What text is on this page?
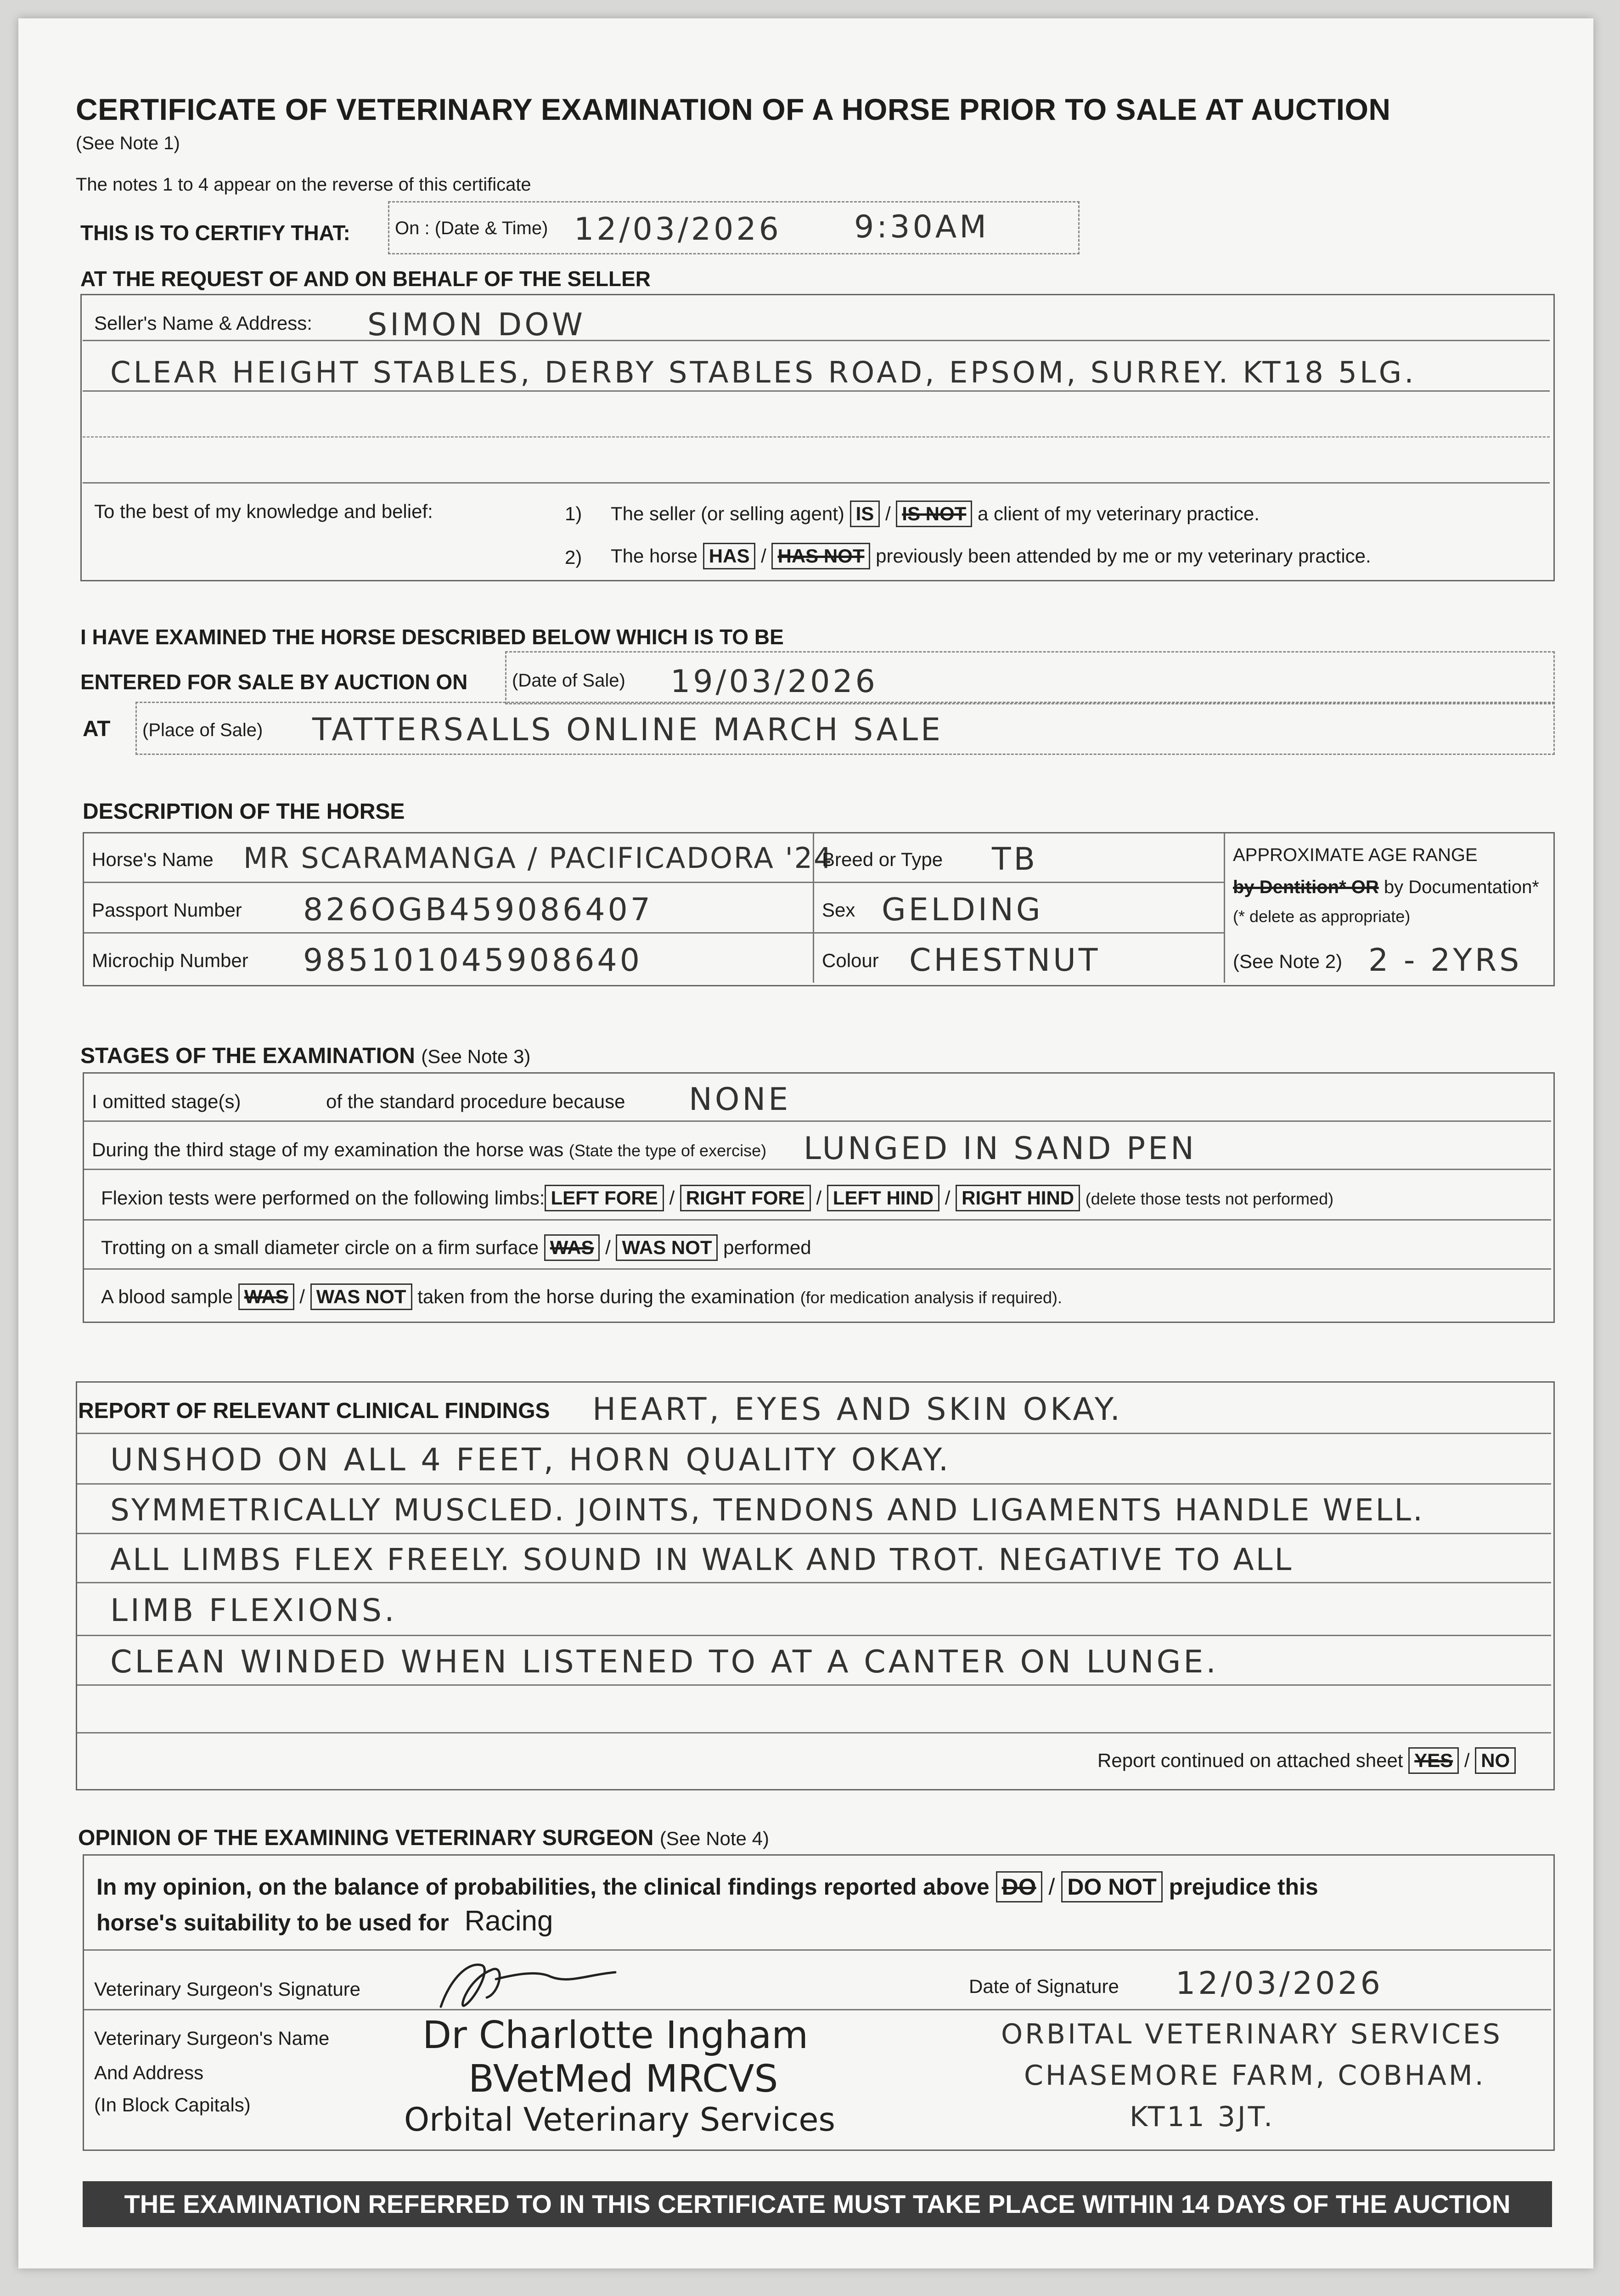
CERTIFICATE OF VETERINARY EXAMINATION OF A HORSE PRIOR TO SALE AT AUCTION
(See Note 1)
The notes 1 to 4 appear on the reverse of this certificate
THIS IS TO CERTIFY THAT: On : (Date & Time) 12/03/2026 9:30AM
AT THE REQUEST OF AND ON BEHALF OF THE SELLER
Seller's Name & Address: SIMON DOW
CLEAR HEIGHT STABLES, DERBY STABLES ROAD, EPSOM, SURREY. KT18 5LG.
To the best of my knowledge and belief:	1) The seller (or selling agent) IS / IS NOT a client of my veterinary practice.
2) The horse HAS / HAS NOT previously been attended by me or my veterinary practice.
I HAVE EXAMINED THE HORSE DESCRIBED BELOW WHICH IS TO BE
ENTERED FOR SALE BY AUCTION ON (Date of Sale) 19/03/2026
AT (Place of Sale) TATTERSALLS ONLINE MARCH SALE
DESCRIPTION OF THE HORSE
Horse's Name MR SCARAMANGA / PACIFICADORA '24
Passport Number 826OGB459086407
Microchip Number 985101045908640
Breed or Type TB
Sex GELDING
Colour CHESTNUT
APPROXIMATE AGE RANGE
by Dentition* OR by Documentation*
(* delete as appropriate)
(See Note 2) 2 - 2YRS
STAGES OF THE EXAMINATION (See Note 3)
I omitted stage(s)	of the standard procedure because NONE
During the third stage of my examination the horse was (State the type of exercise) LUNGED IN SAND PEN
Flexion tests were performed on the following limbs: LEFT FORE / RIGHT FORE / LEFT HIND / RIGHT HIND (delete those tests not performed)
Trotting on a small diameter circle on a firm surface WAS / WAS NOT performed
A blood sample WAS / WAS NOT taken from the horse during the examination (for medication analysis if required).
REPORT OF RELEVANT CLINICAL FINDINGS HEART, EYES AND SKIN OKAY.
UNSHOD ON ALL 4 FEET, HORN QUALITY OKAY.
SYMMETRICALLY MUSCLED. JOINTS, TENDONS AND LIGAMENTS HANDLE WELL.
ALL LIMBS FLEX FREELY. SOUND IN WALK AND TROT. NEGATIVE TO ALL
LIMB FLEXIONS.
CLEAN WINDED WHEN LISTENED TO AT A CANTER ON LUNGE.
Report continued on attached sheet YES / NO
OPINION OF THE EXAMINING VETERINARY SURGEON (See Note 4)
In my opinion, on the balance of probabilities, the clinical findings reported above DO / DO NOT prejudice this
horse's suitability to be used for Racing
Veterinary Surgeon's Signature	Date of Signature 12/03/2026
Veterinary Surgeon's Name
And Address
(In Block Capitals)
Dr Charlotte Ingham
BVetMed MRCVS
Orbital Veterinary Services
ORBITAL VETERINARY SERVICES
CHASEMORE FARM, COBHAM.
KT11 3JT.
THE EXAMINATION REFERRED TO IN THIS CERTIFICATE MUST TAKE PLACE WITHIN 14 DAYS OF THE AUCTION
